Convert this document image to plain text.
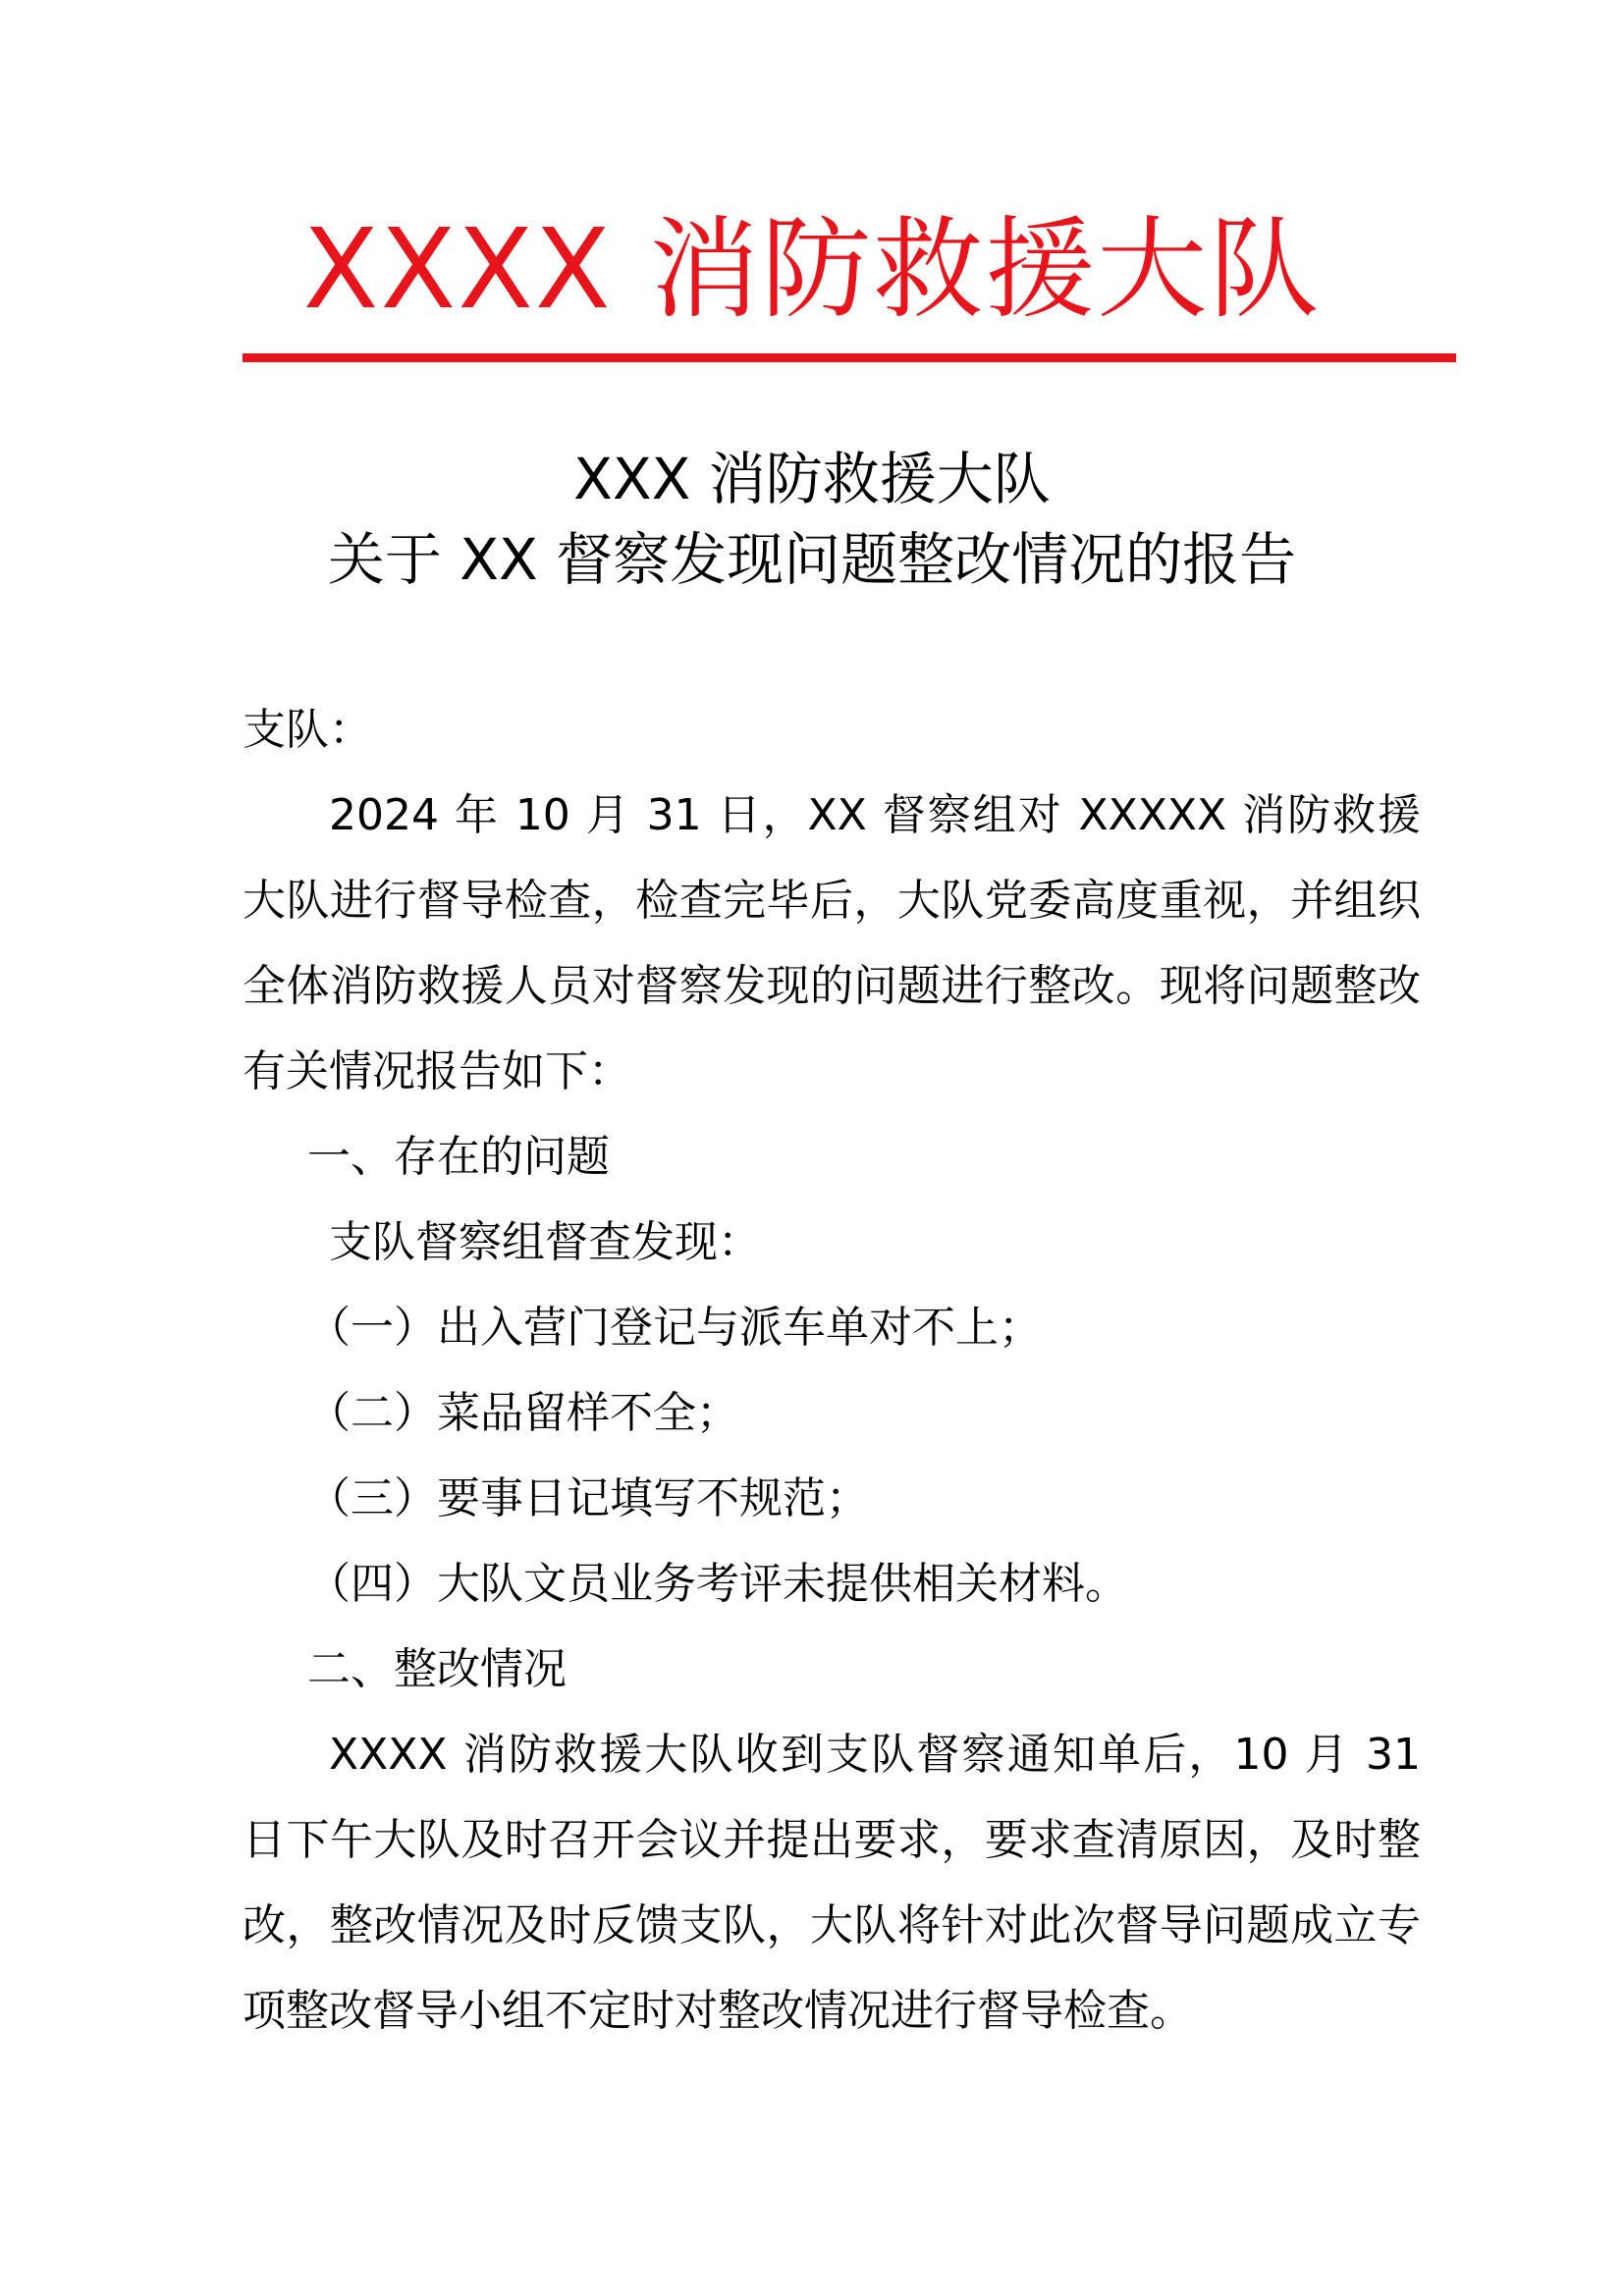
XXXX 消防救援大队
XXX 消防救援大队
关于 XX 督察发现问题整改情况的报告

支队：

2024 年 10 月 31 日，XX 督察组对 XXXXX 消防救援大队进行督导检查，检查完毕后，大队党委高度重视，并组织全体消防救援人员对督察发现的问题进行整改。现将问题整改有关情况报告如下：

一、存在的问题

支队督察组督查发现：

（一）出入营门登记与派车单对不上；

（二）菜品留样不全；

（三）要事日记填写不规范；

（四）大队文员业务考评未提供相关材料。

二、整改情况

XXXX 消防救援大队收到支队督察通知单后，10 月 31 日下午大队及时召开会议并提出要求，要求查清原因，及时整改，整改情况及时反馈支队，大队将针对此次督导问题成立专项整改督导小组不定时对整改情况进行督导检查。
